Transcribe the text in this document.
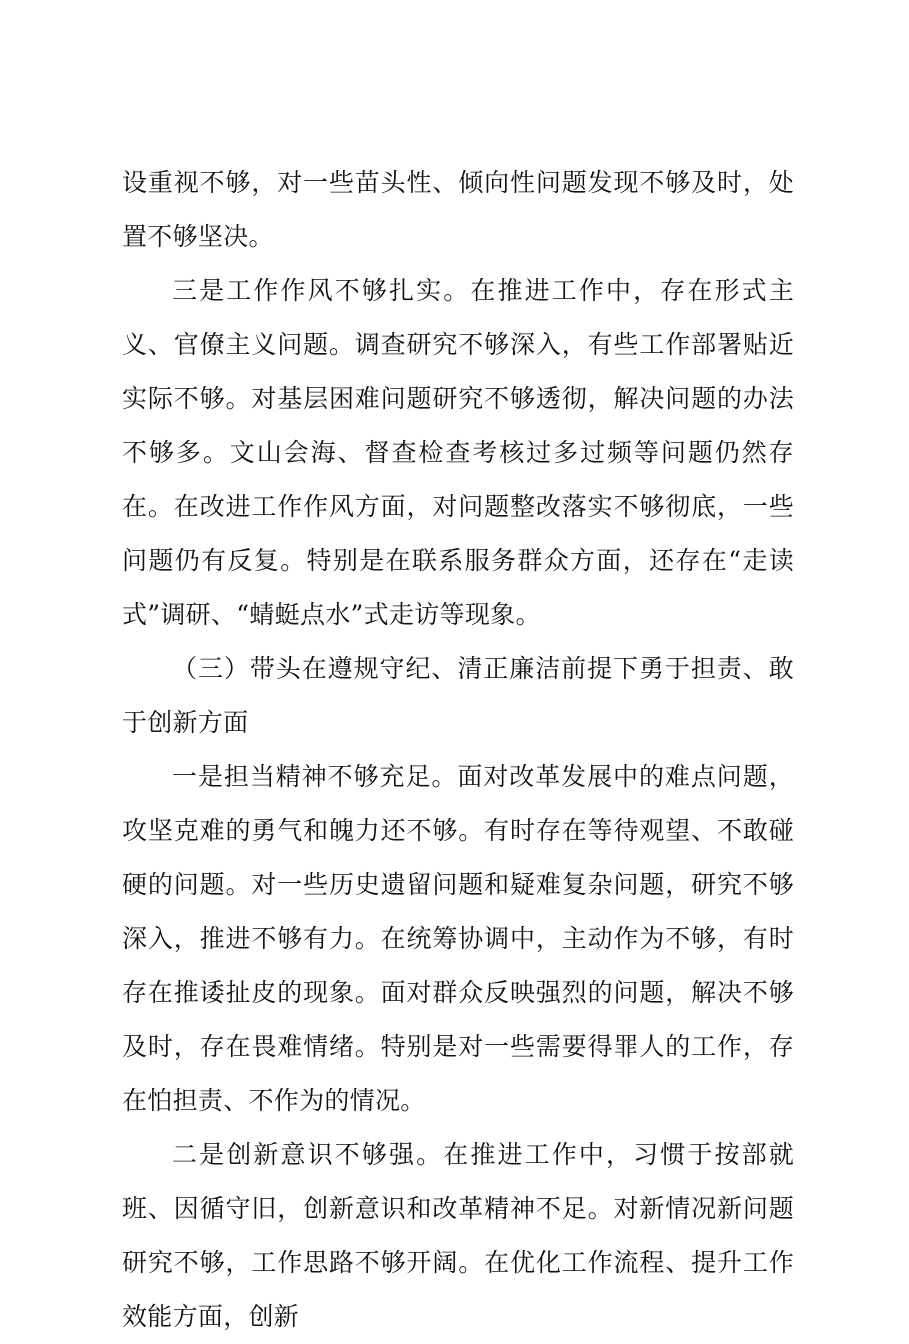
设重视不够，对一些苗头性、倾向性问题发现不够及时，处置不够坚决。

三是工作作风不够扎实。在推进工作中，存在形式主义、官僚主义问题。调查研究不够深入，有些工作部署贴近实际不够。对基层困难问题研究不够透彻，解决问题的办法不够多。文山会海、督查检查考核过多过频等问题仍然存在。在改进工作作风方面，对问题整改落实不够彻底，一些问题仍有反复。特别是在联系服务群众方面，还存在“走读式”调研、“蜻蜓点水”式走访等现象。

（三）带头在遵规守纪、清正廉洁前提下勇于担责、敢于创新方面

一是担当精神不够充足。面对改革发展中的难点问题，攻坚克难的勇气和魄力还不够。有时存在等待观望、不敢碰硬的问题。对一些历史遗留问题和疑难复杂问题，研究不够深入，推进不够有力。在统筹协调中，主动作为不够，有时存在推诿扯皮的现象。面对群众反映强烈的问题，解决不够及时，存在畏难情绪。特别是对一些需要得罪人的工作，存在怕担责、不作为的情况。

二是创新意识不够强。在推进工作中，习惯于按部就班、因循守旧，创新意识和改革精神不足。对新情况新问题研究不够，工作思路不够开阔。在优化工作流程、提升工作效能方面，创新
